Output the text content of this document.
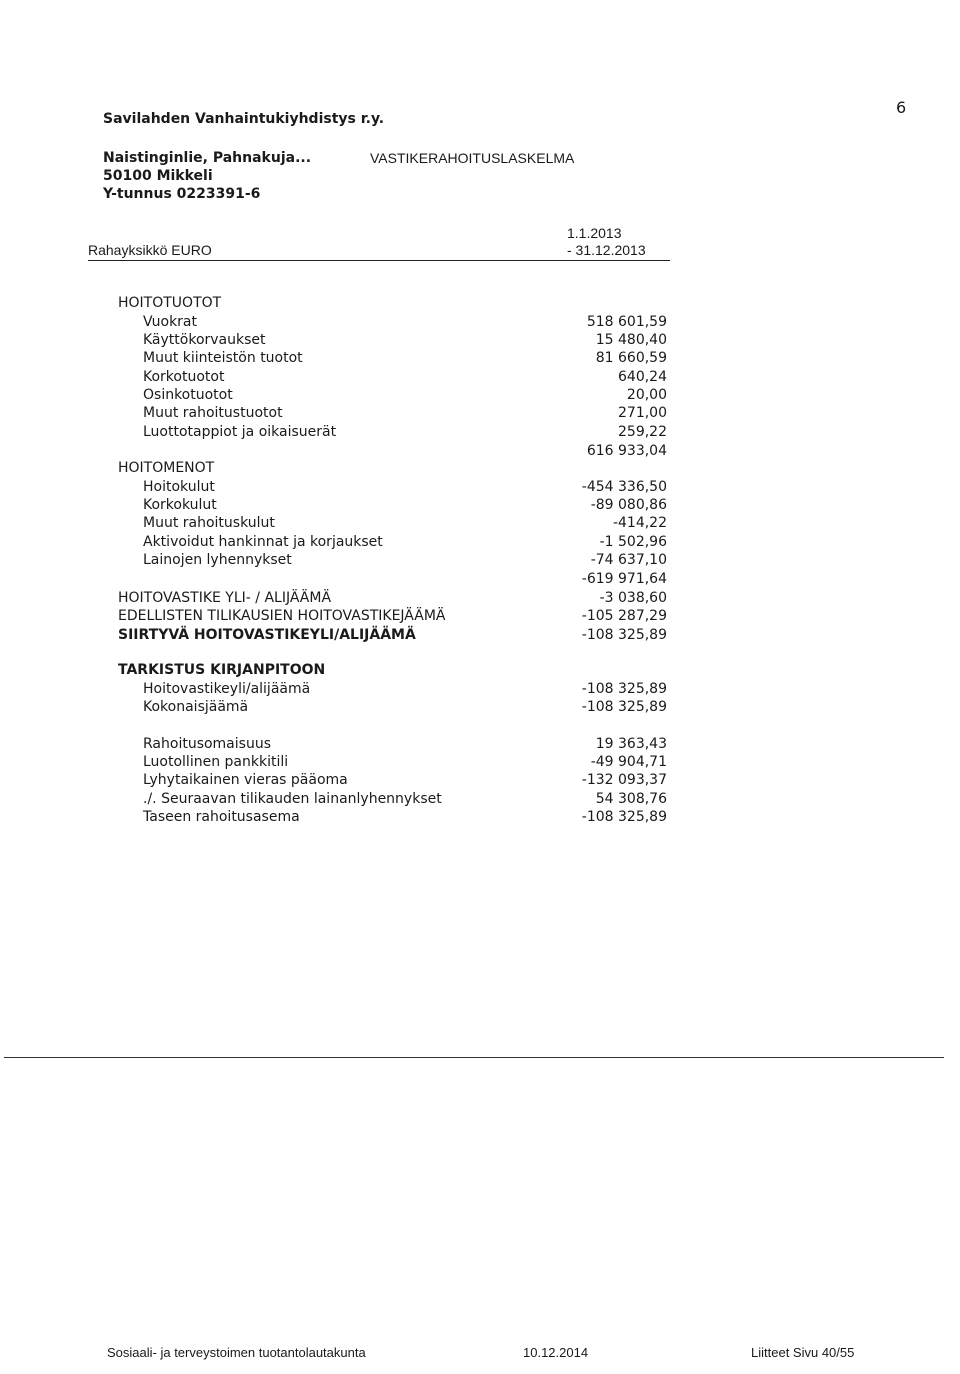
6
Savilahden Vanhaintukiyhdistys r.y.
Naistinginlie, Pahnakuja...
50100 Mikkeli
Y-tunnus 0223391-6
VASTIKERAHOITUSLASKELMA
1.1.2013
Rahayksikkö EURO	- 31.12.2013
HOITOTUOTOT
Vuokrat	518 601,59
Käyttökorvaukset	15 480,40
Muut kiinteistön tuotot	81 660,59
Korkotuotot	640,24
Osinkotuotot	20,00
Muut rahoitustuotot	271,00
Luottotappiot ja oikaisuerät	259,22
616 933,04
HOITOMENOT
Hoitokulut	-454 336,50
Korkokulut	-89 080,86
Muut rahoituskulut	-414,22
Aktivoidut hankinnat ja korjaukset	-1 502,96
Lainojen lyhennykset	-74 637,10
-619 971,64
HOITOVASTIKE YLI- / ALIJÄÄMÄ	-3 038,60
EDELLISTEN TILIKAUSIEN HOITOVASTIKEJÄÄMÄ	-105 287,29
SIIRTYVÄ HOITOVASTIKEYLI/ALIJÄÄMÄ	-108 325,89
TARKISTUS KIRJANPITOON
Hoitovastikeyli/alijäämä	-108 325,89
Kokonaisjäämä	-108 325,89
Rahoitusomaisuus	19 363,43
Luotollinen pankkitili	-49 904,71
Lyhytaikainen vieras pääoma	-132 093,37
./. Seuraavan tilikauden lainanlyhennykset	54 308,76
Taseen rahoitusasema	-108 325,89
Sosiaali- ja terveystoimen tuotantolautakunta	10.12.2014	Liitteet Sivu 40/55
